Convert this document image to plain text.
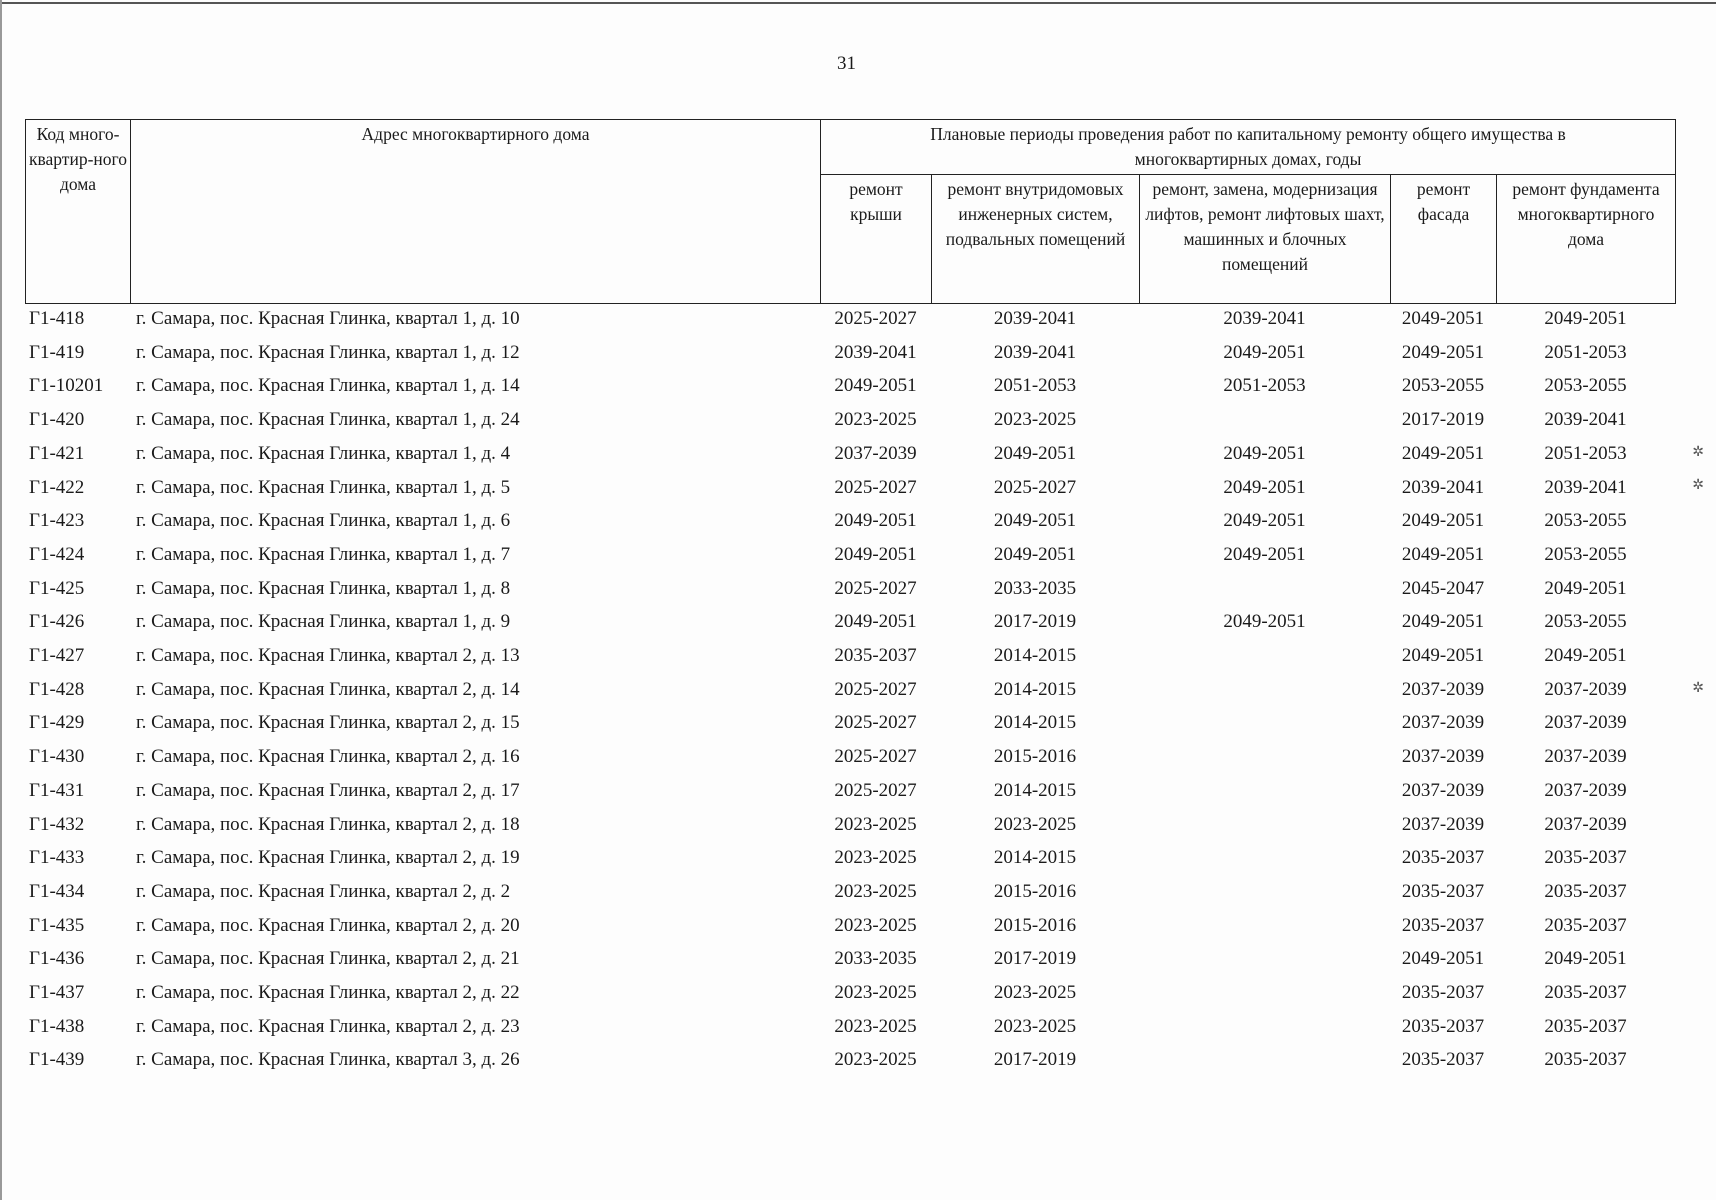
31
Код много-квартир-ного дома	Адрес многоквартирного дома	Плановые периоды проведения работ по капитальному ремонту общего имущества в многоквартирных домах, годы				
		ремонт крыши	ремонт внутридомовых инженерных систем, подвальных помещений	ремонт, замена, модернизация лифтов, ремонт лифтовых шахт, машинных и блочных помещений	ремонт фасада	ремонт фундамента многоквартирного дома
Г1-418	г. Самара, пос. Красная Глинка, квартал 1, д. 10	2025-2027	2039-2041	2039-2041	2049-2051	2049-2051
Г1-419	г. Самара, пос. Красная Глинка, квартал 1, д. 12	2039-2041	2039-2041	2049-2051	2049-2051	2051-2053
Г1-10201	г. Самара, пос. Красная Глинка, квартал 1, д. 14	2049-2051	2051-2053	2051-2053	2053-2055	2053-2055
Г1-420	г. Самара, пос. Красная Глинка, квартал 1, д. 24	2023-2025	2023-2025		2017-2019	2039-2041
Г1-421	г. Самара, пос. Красная Глинка, квартал 1, д. 4	2037-2039	2049-2051	2049-2051	2049-2051	2051-2053
Г1-422	г. Самара, пос. Красная Глинка, квартал 1, д. 5	2025-2027	2025-2027	2049-2051	2039-2041	2039-2041
Г1-423	г. Самара, пос. Красная Глинка, квартал 1, д. 6	2049-2051	2049-2051	2049-2051	2049-2051	2053-2055
Г1-424	г. Самара, пос. Красная Глинка, квартал 1, д. 7	2049-2051	2049-2051	2049-2051	2049-2051	2053-2055
Г1-425	г. Самара, пос. Красная Глинка, квартал 1, д. 8	2025-2027	2033-2035		2045-2047	2049-2051
Г1-426	г. Самара, пос. Красная Глинка, квартал 1, д. 9	2049-2051	2017-2019	2049-2051	2049-2051	2053-2055
Г1-427	г. Самара, пос. Красная Глинка, квартал 2, д. 13	2035-2037	2014-2015		2049-2051	2049-2051
Г1-428	г. Самара, пос. Красная Глинка, квартал 2, д. 14	2025-2027	2014-2015		2037-2039	2037-2039
Г1-429	г. Самара, пос. Красная Глинка, квартал 2, д. 15	2025-2027	2014-2015		2037-2039	2037-2039
Г1-430	г. Самара, пос. Красная Глинка, квартал 2, д. 16	2025-2027	2015-2016		2037-2039	2037-2039
Г1-431	г. Самара, пос. Красная Глинка, квартал 2, д. 17	2025-2027	2014-2015		2037-2039	2037-2039
Г1-432	г. Самара, пос. Красная Глинка, квартал 2, д. 18	2023-2025	2023-2025		2037-2039	2037-2039
Г1-433	г. Самара, пос. Красная Глинка, квартал 2, д. 19	2023-2025	2014-2015		2035-2037	2035-2037
Г1-434	г. Самара, пос. Красная Глинка, квартал 2, д. 2	2023-2025	2015-2016		2035-2037	2035-2037
Г1-435	г. Самара, пос. Красная Глинка, квартал 2, д. 20	2023-2025	2015-2016		2035-2037	2035-2037
Г1-436	г. Самара, пос. Красная Глинка, квартал 2, д. 21	2033-2035	2017-2019		2049-2051	2049-2051
Г1-437	г. Самара, пос. Красная Глинка, квартал 2, д. 22	2023-2025	2023-2025		2035-2037	2035-2037
Г1-438	г. Самара, пос. Красная Глинка, квартал 2, д. 23	2023-2025	2023-2025		2035-2037	2035-2037
Г1-439	г. Самара, пос. Красная Глинка, квартал 3, д. 26	2023-2025	2017-2019		2035-2037	2035-2037
✲
✲
✲
